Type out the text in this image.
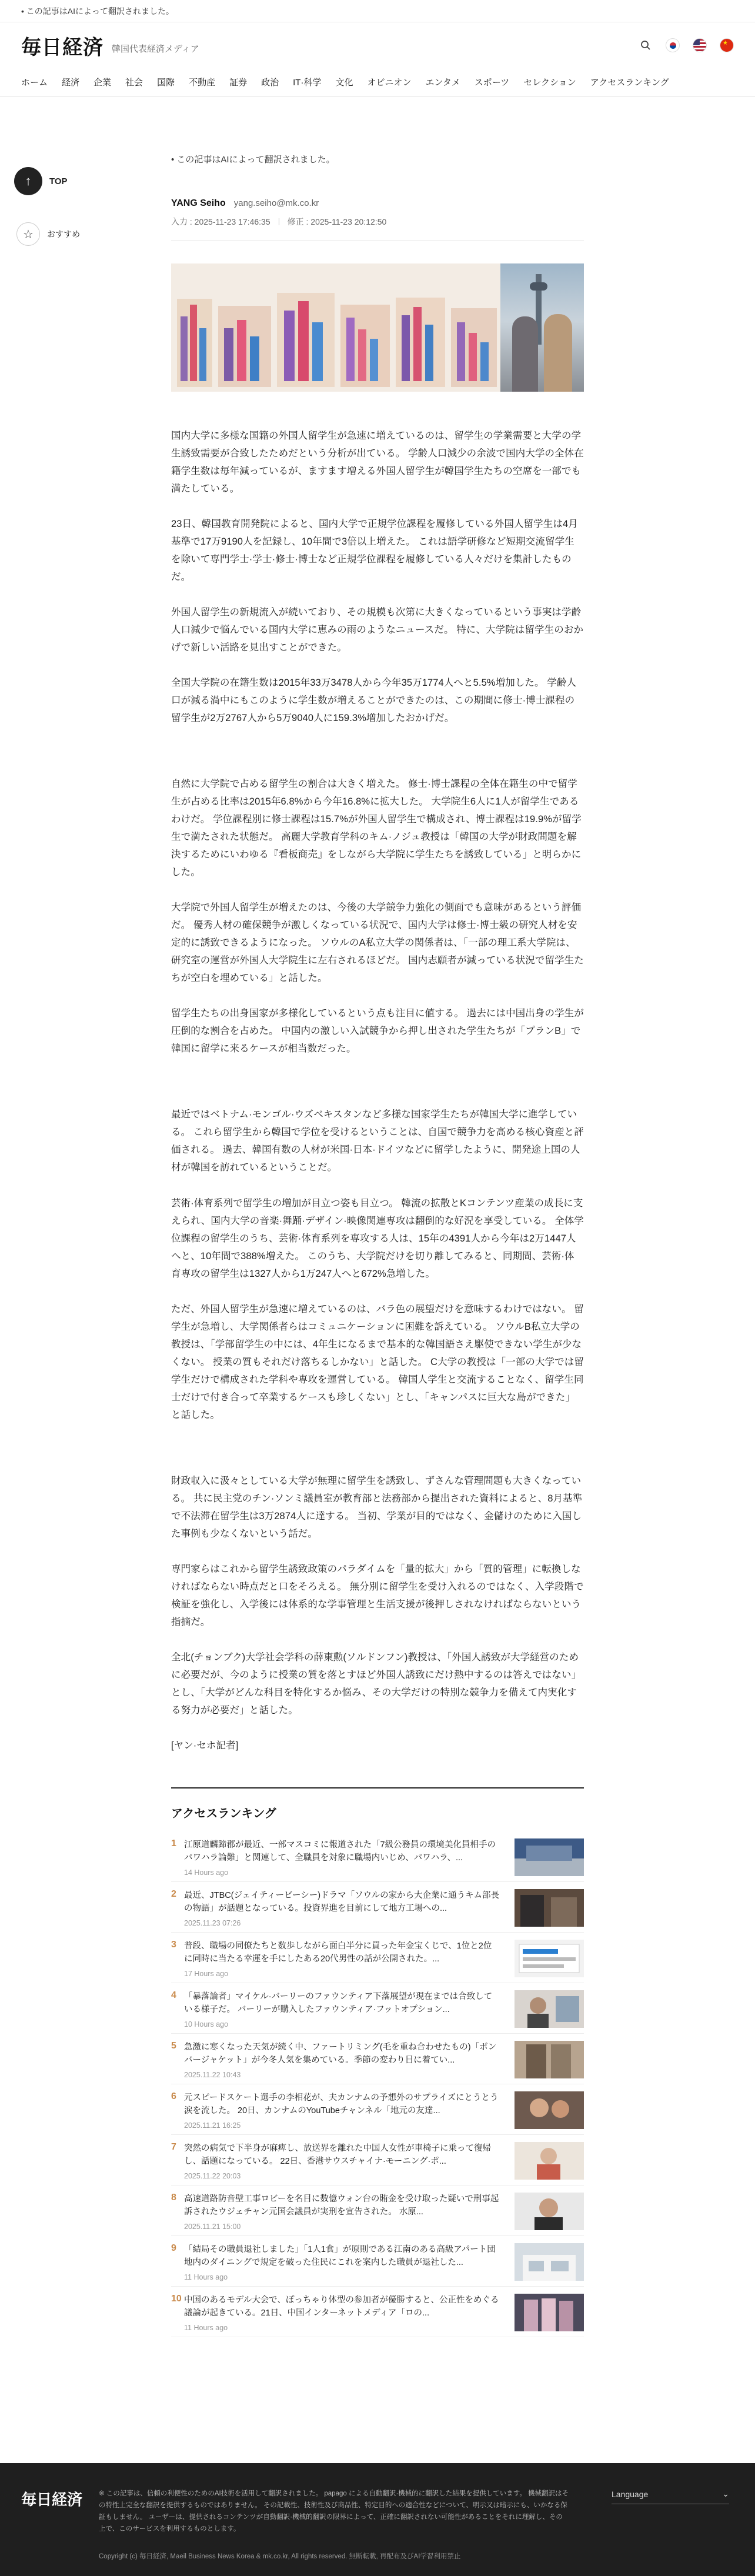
• この記事はAIによって翻訳されました。
毎日経済 韓国代表経済メディア
★
ホーム 経済 企業 社会 国際 不動産 証券 政治 IT·科学 文化 オピニオン エンタメ スポーツ セレクション アクセスランキング
↑	TOP
☆	おすすめ
• この記事はAIによって翻訳されました。
YANG Seiho yang.seiho@mk.co.kr
入力 : 2025-11-23 17:46:35 修正 : 2025-11-23 20:12:50

国内大学に多様な国籍の外国人留学生が急速に増えているのは、留学生の学業需要と大学の学生誘致需要が合致したためだという分析が出ている。 学齢人口減少の余波で国内大学の全体在籍学生数は毎年減っているが、ますます増える外国人留学生が韓国学生たちの空席を一部でも満たしている。

23日、韓国教育開発院によると、国内大学で正規学位課程を履修している外国人留学生は4月基準で17万9190人を記録し、10年間で3倍以上増えた。 これは語学研修など短期交流留学生を除いて専門学士·学士·修士·博士など正規学位課程を履修している人々だけを集計したものだ。

外国人留学生の新規流入が続いており、その規模も次第に大きくなっているという事実は学齢人口減少で悩んでいる国内大学に恵みの雨のようなニュースだ。 特に、大学院は留学生のおかげで新しい活路を見出すことができた。

全国大学院の在籍生数は2015年33万3478人から今年35万1774人へと5.5%増加した。 学齢人口が減る渦中にもこのように学生数が増えることができたのは、この期間に修士·博士課程の留学生が2万2767人から5万9040人に159.3%増加したおかげだ。

自然に大学院で占める留学生の割合は大きく増えた。 修士·博士課程の全体在籍生の中で留学生が占める比率は2015年6.8%から今年16.8%に拡大した。 大学院生6人に1人が留学生であるわけだ。 学位課程別に修士課程は15.7%が外国人留学生で構成され、博士課程は19.9%が留学生で満たされた状態だ。 高麗大学教育学科のキム·ノジュ教授は「韓国の大学が財政問題を解決するためにいわゆる『看板商売』をしながら大学院に学生たちを誘致している」と明らかにした。

大学院で外国人留学生が増えたのは、今後の大学競争力強化の側面でも意味があるという評価だ。 優秀人材の確保競争が激しくなっている状況で、国内大学は修士·博士級の研究人材を安定的に誘致できるようになった。 ソウルのA私立大学の関係者は、「一部の理工系大学院は、研究室の運営が外国人大学院生に左右されるほどだ。 国内志願者が減っている状況で留学生たちが空白を埋めている」と話した。

留学生たちの出身国家が多様化しているという点も注目に値する。 過去には中国出身の学生が圧倒的な割合を占めた。 中国内の激しい入試競争から押し出された学生たちが「プランB」で韓国に留学に来るケースが相当数だった。

最近ではベトナム·モンゴル·ウズベキスタンなど多様な国家学生たちが韓国大学に進学している。 これら留学生から韓国で学位を受けるということは、自国で競争力を高める核心資産と評価される。 過去、韓国有数の人材が米国·日本·ドイツなどに留学したように、開発途上国の人材が韓国を訪れているということだ。

芸術·体育系列で留学生の増加が目立つ姿も目立つ。 韓流の拡散とKコンテンツ産業の成長に支えられ、国内大学の音楽·舞踊·デザイン·映像関連専攻は翻倒的な好況を享受している。 全体学位課程の留学生のうち、芸術·体育系列を専攻する人は、15年の4391人から今年は2万1447人へと、10年間で388%増えた。 このうち、大学院だけを切り離してみると、同期間、芸術·体育専攻の留学生は1327人から1万247人へと672%急増した。

ただ、外国人留学生が急速に増えているのは、バラ色の展望だけを意味するわけではない。 留学生が急増し、大学関係者らはコミュニケーションに困難を訴えている。 ソウルB私立大学の教授は、「学部留学生の中には、4年生になるまで基本的な韓国語さえ駆使できない学生が少なくない。 授業の質もそれだけ落ちるしかない」と話した。 C大学の教授は「一部の大学では留学生だけで構成された学科や専攻を運営している。 韓国人学生と交流することなく、留学生同士だけで付き合って卒業するケースも珍しくない」とし、「キャンパスに巨大な島ができた」と話した。

財政収入に汲々としている大学が無理に留学生を誘致し、ずさんな管理問題も大きくなっている。 共に民主党のチン·ソンミ議員室が教育部と法務部から提出された資料によると、8月基準で不法滞在留学生は3万2874人に達する。 当初、学業が目的ではなく、金儲けのために入国した事例も少なくないという話だ。

専門家らはこれから留学生誘致政策のパラダイムを「量的拡大」から「質的管理」に転換しなければならない時点だと口をそろえる。 無分別に留学生を受け入れるのではなく、入学段階で検証を強化し、入学後には体系的な学事管理と生活支援が後押しされなければならないという指摘だ。

全北(チョンブク)大学社会学科の薛東勲(ソルドンフン)教授は、「外国人誘致が大学経営のために必要だが、今のように授業の質を落とすほど外国人誘致にだけ熱中するのは答えではない」とし、「大学がどんな科目を特化するか悩み、その大学だけの特別な競争力を備えて内実化する努力が必要だ」と話した。

[ヤン·セホ記者]

アクセスランキング
1 江原道麟蹄郡が最近、一部マスコミに報道された「7級公務員の環境美化員相手のパワハラ論難」と関連して、全職員を対象に職場内いじめ、パワハラ、...
14 Hours ago
2 最近、JTBC(ジェイティービーシー)ドラマ「ソウルの家から大企業に通うキム部長の物語」が話題となっている。投資界進を目前にして地方工場への...
2025.11.23 07:26
3 普段、職場の同僚たちと数歩しながら面白半分に買った年金宝くじで、1位と2位に同時に当たる幸運を手にしたある20代男性の話が公開された。...
17 Hours ago
4 「暴落論者」マイケル·バーリーのファウンティア下落展望が現在までは合致している様子だ。 バーリーが購入したファウンティア·フットオプション...
10 Hours ago
5 急激に寒くなった天気が続く中、ファートリミング(毛を重ね合わせたもの)「ボンバージャケット」が今冬人気を集めている。季節の変わり目に着てい...
2025.11.22 10:43
6 元スピードスケート選手の李相花が、夫カンナムの予想外のサプライズにとうとう涙を流した。 20日、カンナムのYouTubeチャンネル「地元の友達...
2025.11.21 16:25
7 突然の病気で下半身が麻痺し、放送界を離れた中国人女性が車椅子に乗って復帰し、話題になっている。 22日、香港サウスチャイナ·モーニング·ポ...
2025.11.22 20:03
8 高速道路防音壁工事ロビーを名目に数億ウォン台の賄金を受け取った疑いで刑事起訴されたウジェチャン元国会議員が実刑を宣告された。 水原...
2025.11.21 15:00
9 「結局その職員退社しました」「1人1食」が原則である江南のある高級アパート団地内のダイニングで規定を破った住民にこれを案内した職員が退社した...
11 Hours ago
10 中国のあるモデル大会で、ぽっちゃり体型の参加者が優勝すると、公正性をめぐる議論が起きている。21日、中国インターネットメディア「ロの...
11 Hours ago
毎日経済 ※ この記事は、信頼の利便性のためのAI技術を活用して翻訳されました。 papago による自動翻訳·機械的に翻訳した結果を提供しています。 機械翻訳はその特性上完全な翻訳を提供するものではありません。 その記載性、技術性及び商品性、特定目的への適合性などについて、明示又は暗示にも、いかなる保証もしません。 ユーザーは、提供されるコンテンツが自動翻訳·機械的翻訳の限界によって、正確に翻訳されない可能性があることをそれに理解し、その上で、このサービスを利用するものとします。
Language	⌄
Copyright (c) 毎日経済, Maeil Business News Korea & mk.co.kr, All rights reserved. 無断転載, 再配布及びAI学習利用禁止
